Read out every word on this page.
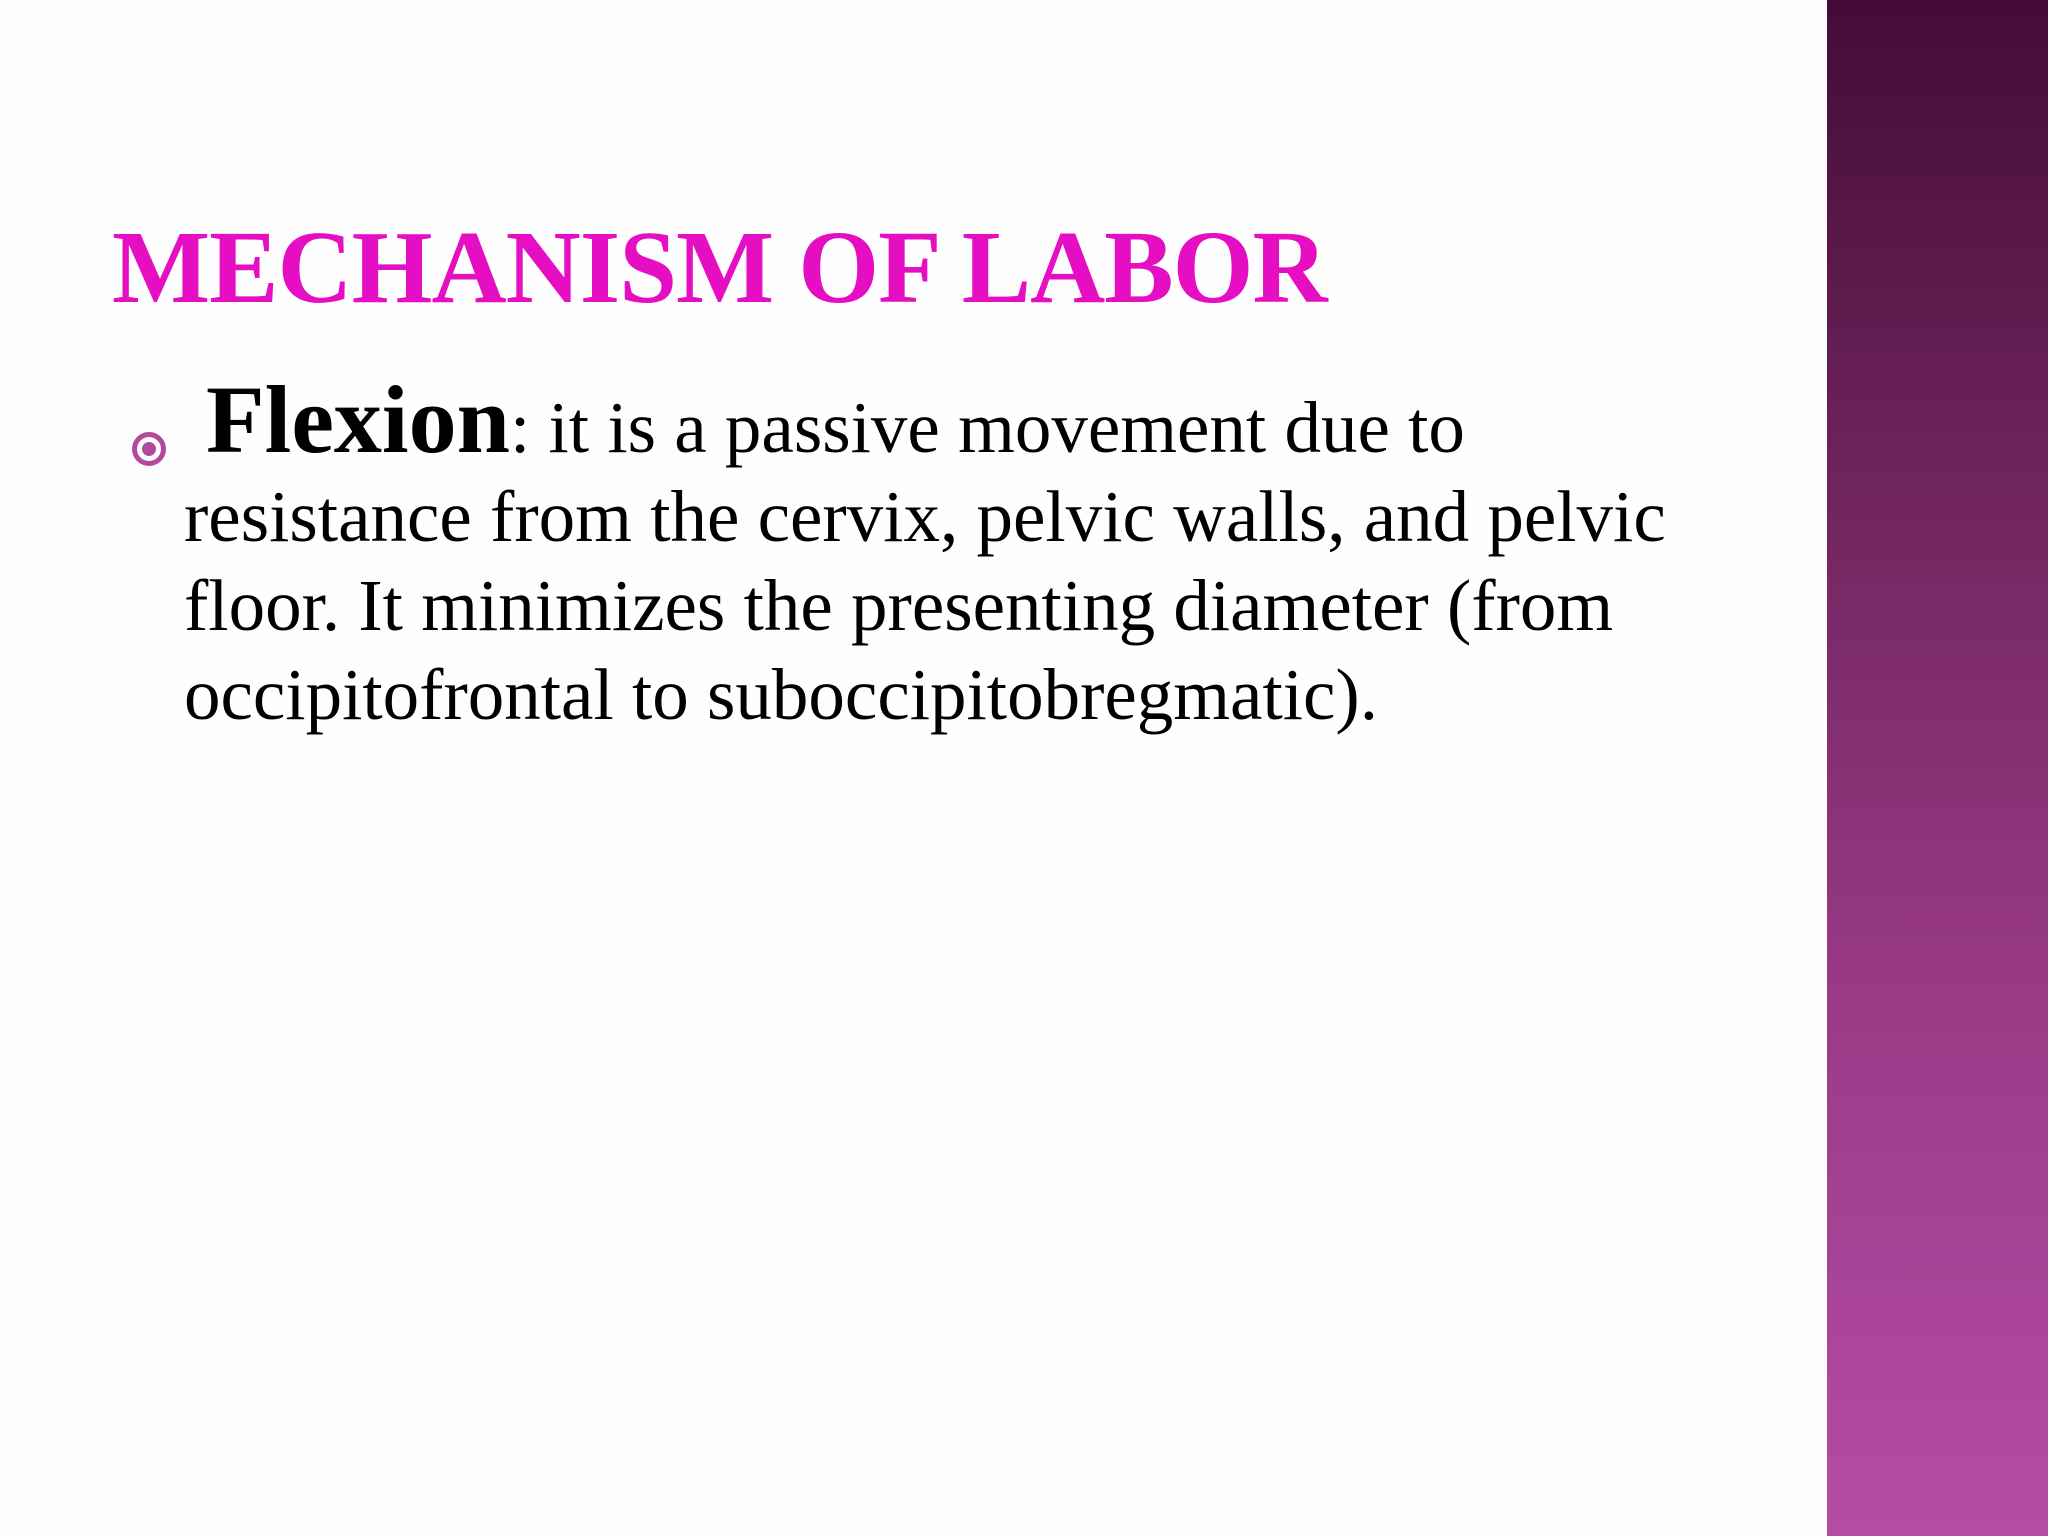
MECHANISM OF LABOR

Flexion: it is a passive movement due to resistance from the cervix, pelvic walls, and pelvic floor. It minimizes the presenting diameter (from occipitofrontal to suboccipitobregmatic).
